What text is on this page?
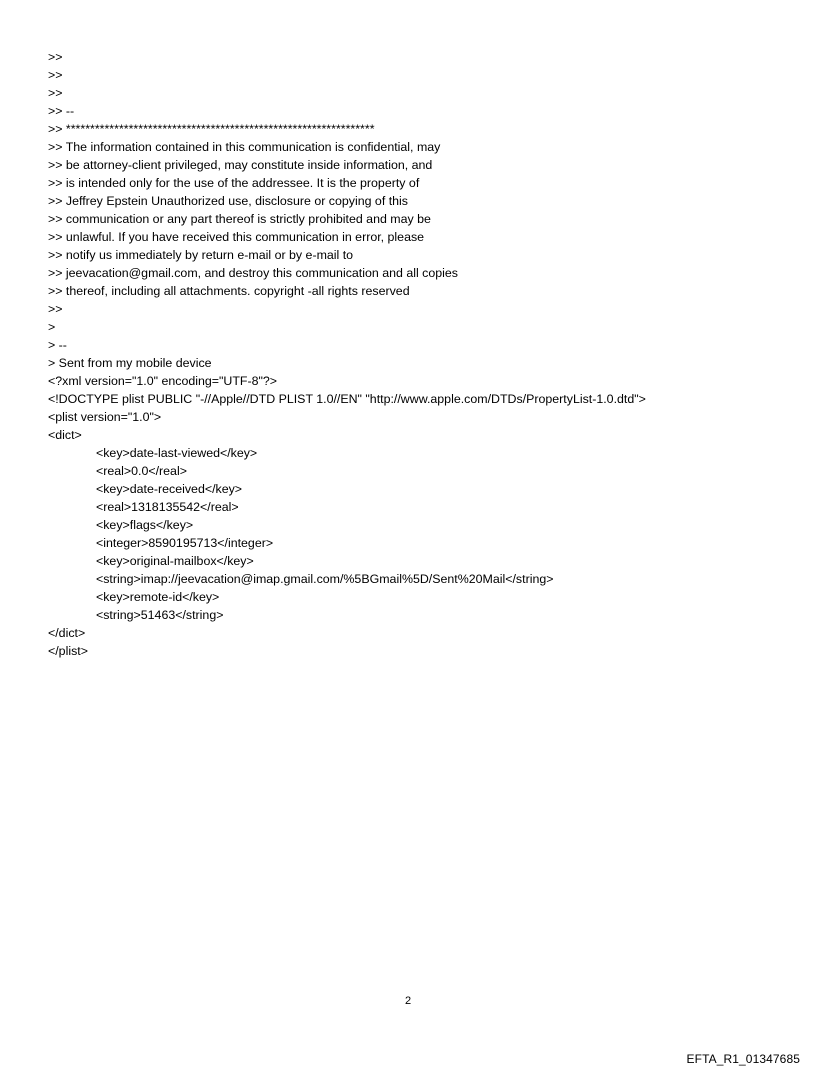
>>
>>
>>
>> --
>> ****************************************************************
>> The information contained in this communication is confidential, may
>> be attorney-client privileged, may constitute inside information, and
>> is intended only for the use of the addressee. It is the property of
>> Jeffrey Epstein Unauthorized use, disclosure or copying of this
>> communication or any part thereof is strictly prohibited and may be
>> unlawful. If you have received this communication in error, please
>> notify us immediately by return e-mail or by e-mail to
>> jeevacation@gmail.com, and destroy this communication and all copies
>> thereof, including all attachments. copyright -all rights reserved
>>
>
> --
> Sent from my mobile device
<?xml version="1.0" encoding="UTF-8"?>
<!DOCTYPE plist PUBLIC "-//Apple//DTD PLIST 1.0//EN" "http://www.apple.com/DTDs/PropertyList-1.0.dtd">
<plist version="1.0">
<dict>
<key>date-last-viewed</key>
<real>0.0</real>
<key>date-received</key>
<real>1318135542</real>
<key>flags</key>
<integer>8590195713</integer>
<key>original-mailbox</key>
<string>imap://jeevacation@imap.gmail.com/%5BGmail%5D/Sent%20Mail</string>
<key>remote-id</key>
<string>51463</string>
</dict>
</plist>
2
EFTA_R1_01347685
